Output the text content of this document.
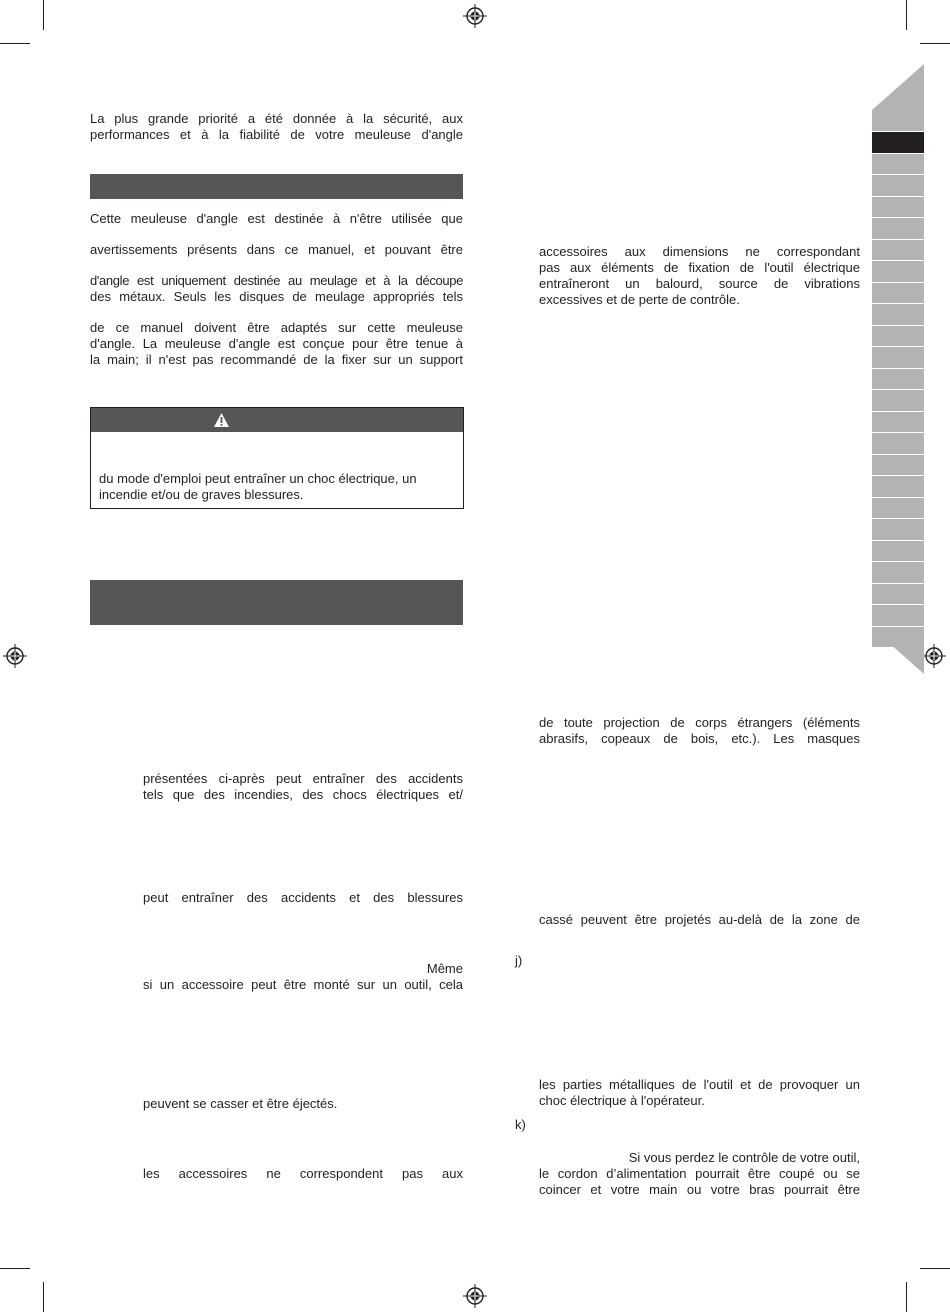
La plus grande priorité a été donnée à la sécurité, aux
performances et à la fiabilité de votre meuleuse d'angle
Cette meuleuse d'angle est destinée à n'être utilisée que
avertissements présents dans ce manuel, et pouvant être
d'angle est uniquement destinée au meulage et à la découpe
des métaux. Seuls les disques de meulage appropriés tels
de ce manuel doivent être adaptés sur cette meuleuse
d'angle. La meuleuse d'angle est conçue pour être tenue à
la main; il n'est pas recommandé de la fixer sur un support
du mode d'emploi peut entraîner un choc électrique, un
incendie et/ou de graves blessures.
présentées ci-après peut entraîner des accidents
tels que des incendies, des chocs électriques et/
peut entraîner des accidents et des blessures
Même
si un accessoire peut être monté sur un outil, cela
peuvent se casser et être éjectés.
les accessoires ne correspondent pas aux
accessoires aux dimensions ne correspondant
pas aux éléments de fixation de l'outil électrique
entraîneront un balourd, source de vibrations
excessives et de perte de contrôle.
de toute projection de corps étrangers (éléments
abrasifs, copeaux de bois, etc.). Les masques
cassé peuvent être projetés au-delà de la zone de
j)
les parties métalliques de l'outil et de provoquer un
choc électrique à l'opérateur.
k)
Si vous perdez le contrôle de votre outil,
le cordon d’alimentation pourrait être coupé ou se
coincer et votre main ou votre bras pourrait être
